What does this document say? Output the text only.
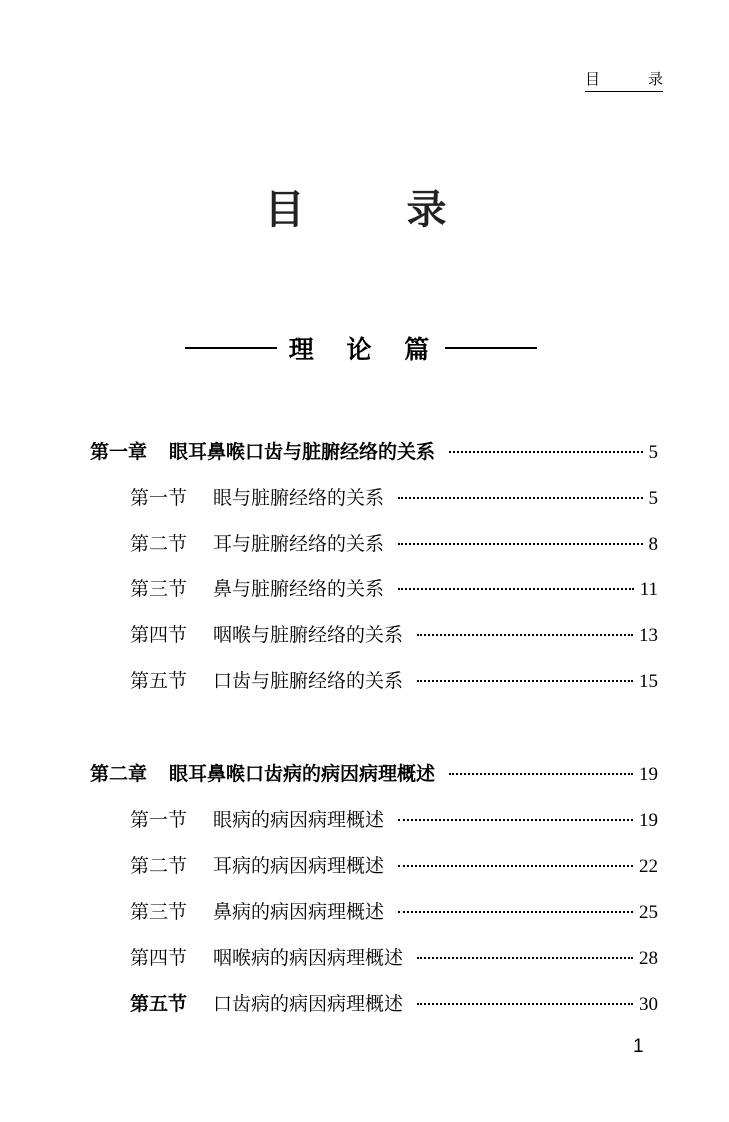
目	录
目 录
理 论 篇
第一章 眼耳鼻喉口齿与脏腑经络的关系	5
第一节 眼与脏腑经络的关系	5
第二节 耳与脏腑经络的关系	8
第三节 鼻与脏腑经络的关系	11
第四节 咽喉与脏腑经络的关系	13
第五节 口齿与脏腑经络的关系	15
第二章 眼耳鼻喉口齿病的病因病理概述	19
第一节 眼病的病因病理概述	19
第二节 耳病的病因病理概述	22
第三节 鼻病的病因病理概述	25
第四节 咽喉病的病因病理概述	28
第五节 口齿病的病因病理概述	30
1
